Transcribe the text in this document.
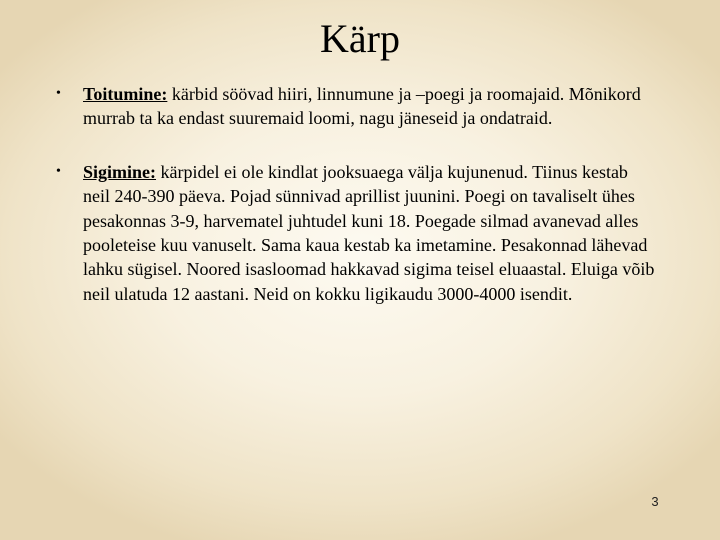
Kärp
• Toitumine: kärbid söövad hiiri, linnumune ja –poegi ja roomajaid. Mõnikord murrab ta ka endast suuremaid loomi, nagu jäneseid ja ondatraid.
• Sigimine: kärpidel ei ole kindlat jooksuaega välja kujunenud. Tiinus kestab neil 240-390 päeva. Pojad sünnivad aprillist juunini. Poegi on tavaliselt ühes pesakonnas 3-9, harvematel juhtudel kuni 18. Poegade silmad avanevad alles pooleteise kuu vanuselt. Sama kaua kestab ka imetamine. Pesakonnad lähevad lahku sügisel. Noored isasloomad hakkavad sigima teisel eluaastal. Eluiga võib neil ulatuda 12 aastani. Neid on kokku ligikaudu 3000-4000 isendit.
3
